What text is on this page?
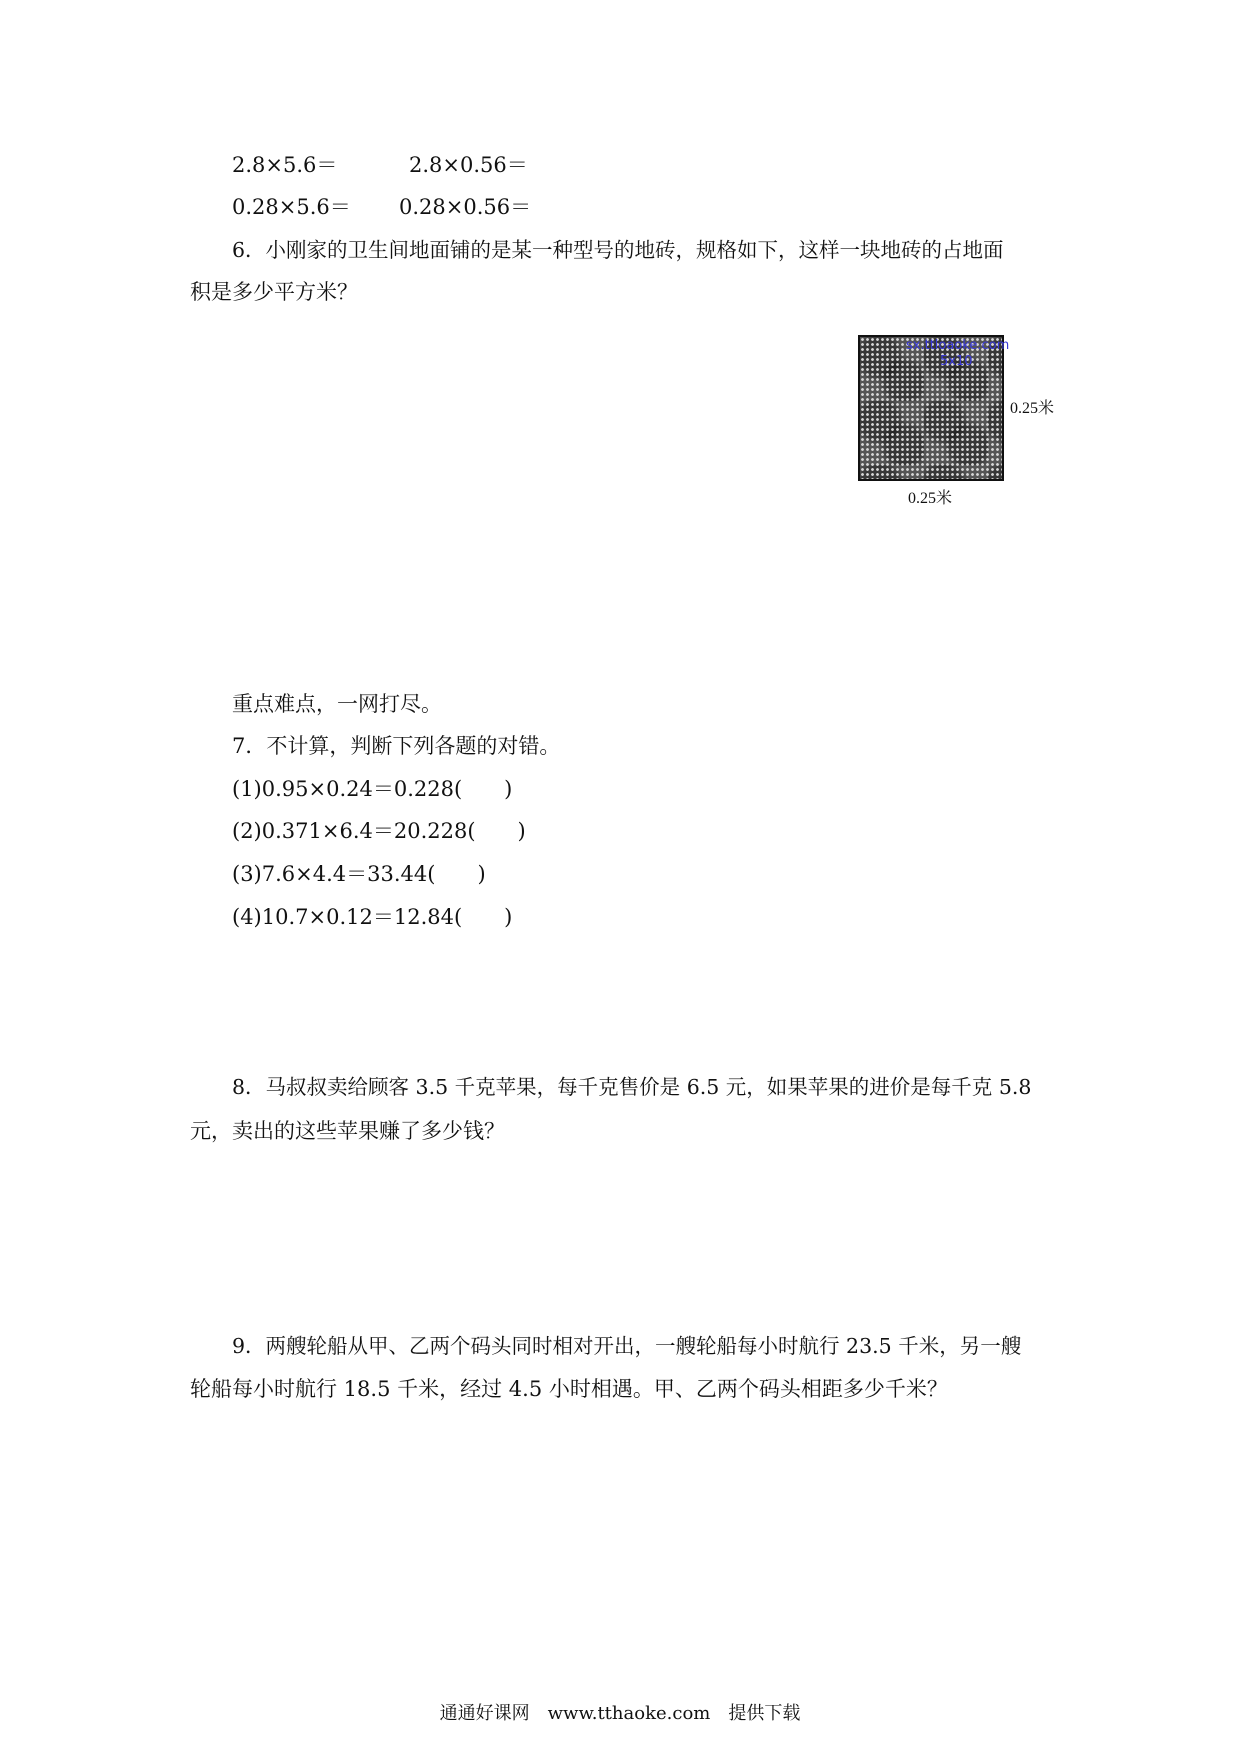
2.8×5.6＝	2.8×0.56＝
0.28×5.6＝ 0.28×0.56＝
6．小刚家的卫生间地面铺的是某一种型号的地砖，规格如下，这样一块地砖的占地面
积是多少平方米？
sx.ttloaoke.com
5x10
0.25米
0.25米
重点难点，一网打尽。
7．不计算，判断下列各题的对错。
(1)0.95×0.24＝0.228(　　)
(2)0.371×6.4＝20.228(　　)
(3)7.6×4.4＝33.44(　　)
(4)10.7×0.12＝12.84(　　)
8．马叔叔卖给顾客 3.5 千克苹果，每千克售价是 6.5 元，如果苹果的进价是每千克 5.8
元，卖出的这些苹果赚了多少钱？
9．两艘轮船从甲、乙两个码头同时相对开出，一艘轮船每小时航行 23.5 千米，另一艘
轮船每小时航行 18.5 千米，经过 4.5 小时相遇。甲、乙两个码头相距多少千米？
通通好课网　www.tthaoke.com　提供下载
